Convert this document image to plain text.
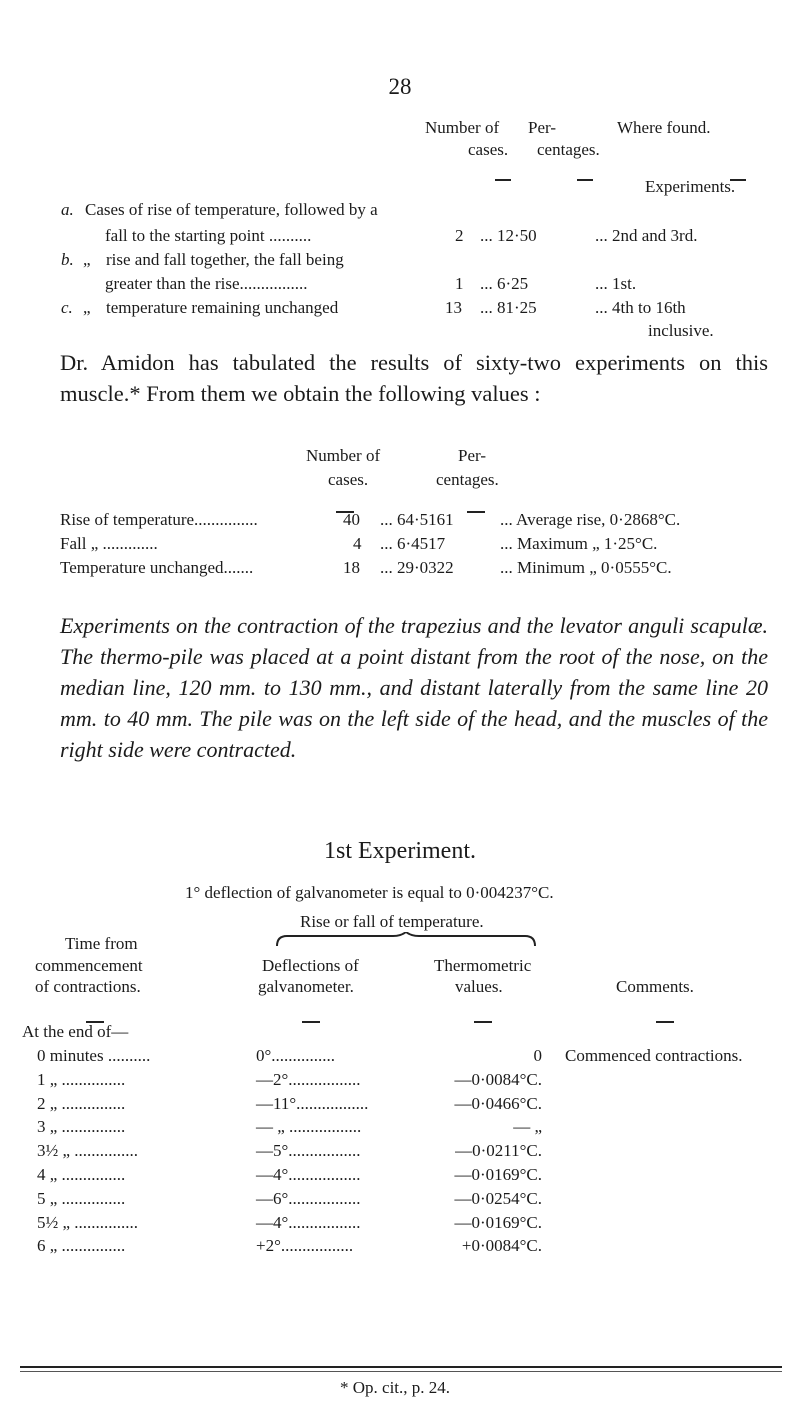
28
Number of Per-	Where found.
cases. centages.
Experiments.
a. Cases of rise of temperature, followed by a
fall to the starting point ..........	2 ... 12·50	... 2nd and 3rd.
b. „ rise and fall together, the fall being
greater than the rise................	1 ... 6·25	... 1st.
c. „ temperature remaining unchanged	13 ... 81·25	... 4th to 16th
inclusive.

Dr. Amidon has tabulated the results of sixty-two experiments on this muscle.* From them we obtain the following values :

Number of	Per-
cases.	centages.
Rise of temperature...............	40 ... 64·5161	... Average rise, 0·2868°C.
Fall „ .............	4 ... 6·4517	... Maximum „ 1·25°C.
Temperature unchanged.......	18 ... 29·0322	... Minimum „ 0·0555°C.

Experiments on the contraction of the trapezius and the levator anguli scapulæ. The thermo-pile was placed at a point distant from the root of the nose, on the median line, 120 mm. to 130 mm., and distant laterally from the same line 20 mm. to 40 mm. The pile was on the left side of the head, and the muscles of the right side were contracted.

1st Experiment.
1° deflection of galvanometer is equal to 0·004237°C.
Rise or fall of temperature.
Time from
commencement
of contractions.
Deflections of
galvanometer.
Thermometric
values.	Comments.
At the end of—
0 minutes ..........	0°...............	0 Commenced contractions.
1 „ ...............	—2°.................	—0·0084°C.
2 „ ...............	—11°.................	—0·0466°C.
3 „ ...............	— „ .................	— „
3½ „ ...............	—5°.................	—0·0211°C.
4 „ ...............	—4°.................	—0·0169°C.
5 „ ...............	—6°.................	—0·0254°C.
5½ „ ...............	—4°.................	—0·0169°C.
6 „ ...............	+2°.................	+0·0084°C.
* Op. cit., p. 24.
